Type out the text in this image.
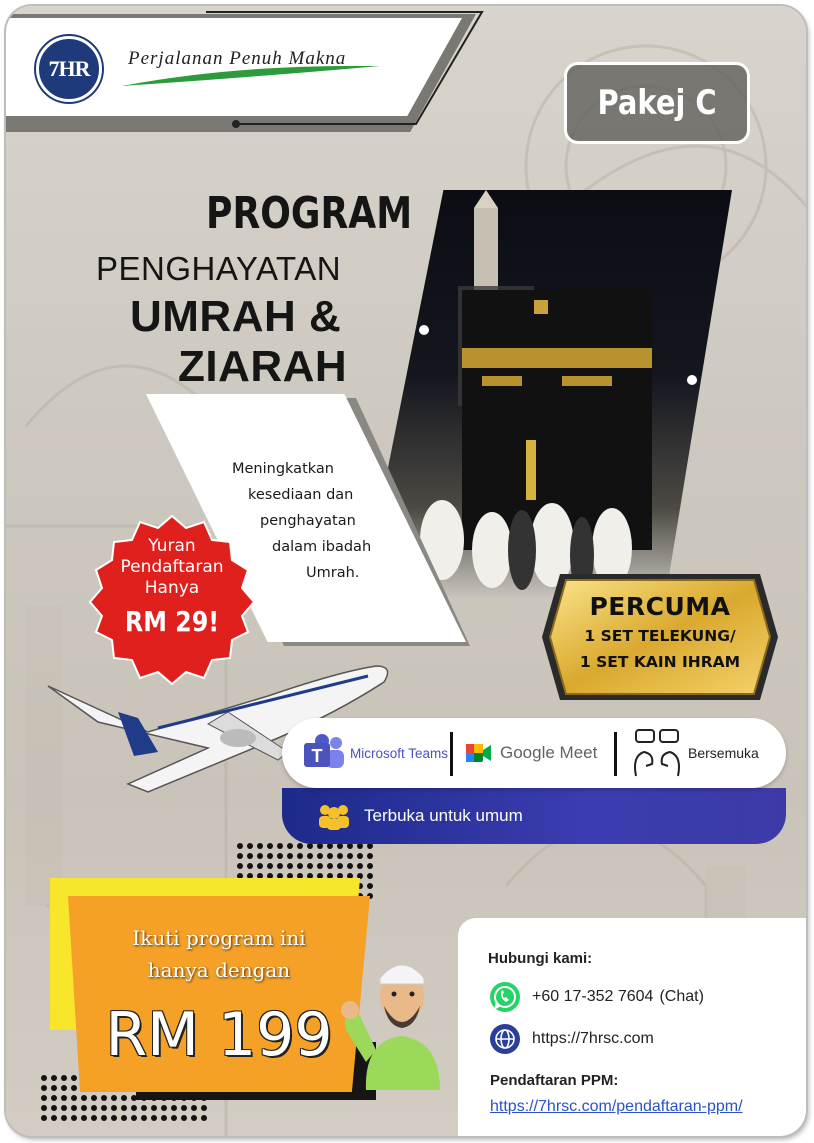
7HR Perjalanan Penuh Makna
Pakej C
PROGRAM
PENGHAYATAN
UMRAH &
ZIARAH
Meningkatkan
kesediaan dan
penghayatan
dalam ibadah
Umrah.
Yuran
Pendaftaran
Hanya
RM 29!	PERCUMA
1 SET TELEKUNG/
1 SET KAIN IHRAM
Terbuka untuk umum
T Microsoft Teams	Google Meet	Bersemuka
Ikuti program ini
hanya dengan
RM 199
Hubungi kami:
+60 17-352 7604 (Chat)
https://7hrsc.com
Pendaftaran PPM:
https://7hrsc.com/pendaftaran-ppm/
